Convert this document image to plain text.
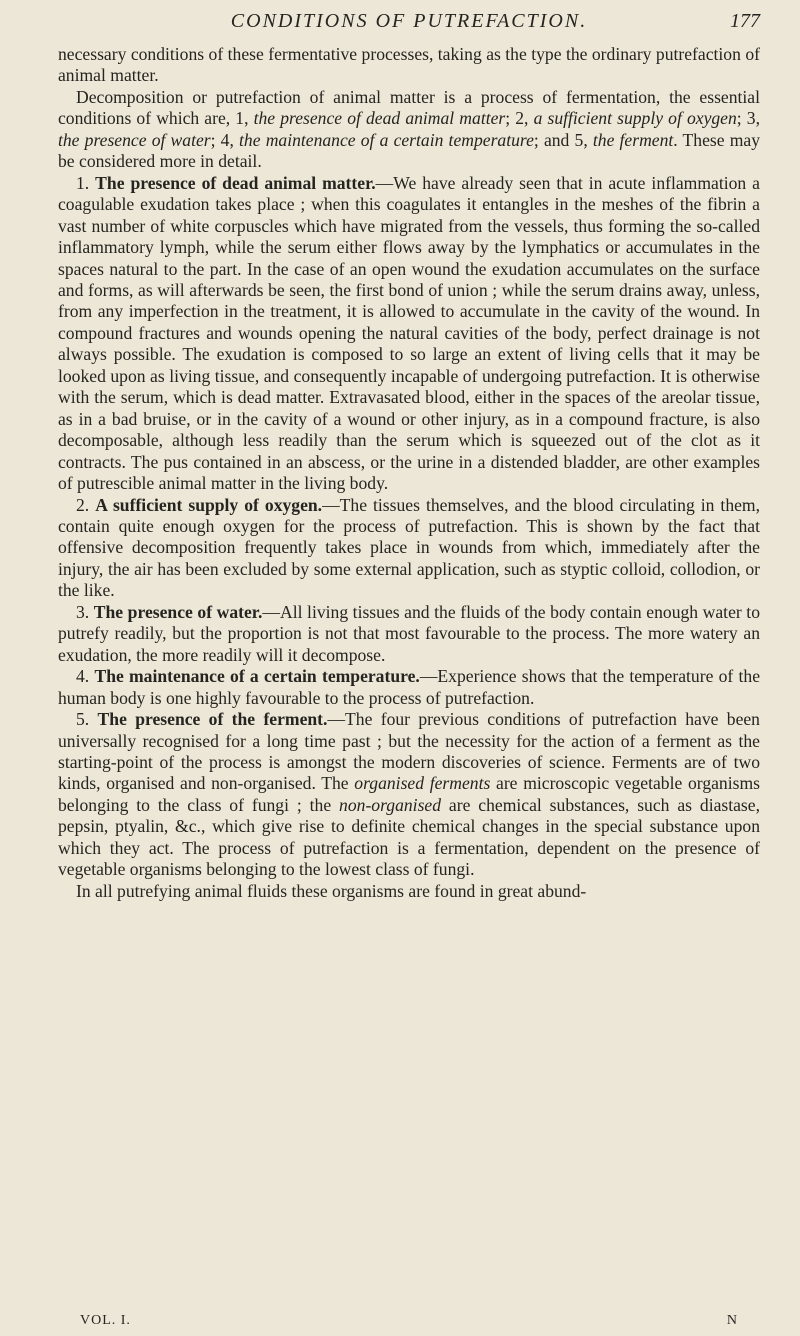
CONDITIONS OF PUTREFACTION.	177

necessary conditions of these fermentative processes, taking as the type the ordinary putrefaction of animal matter.

Decomposition or putrefaction of animal matter is a process of fermentation, the essential conditions of which are, 1, the presence of dead animal matter; 2, a sufficient supply of oxygen; 3, the presence of water; 4, the maintenance of a certain temperature; and 5, the ferment. These may be considered more in detail.

1. The presence of dead animal matter.—We have already seen that in acute inflammation a coagulable exudation takes place ; when this coagulates it entangles in the meshes of the fibrin a vast number of white corpuscles which have migrated from the vessels, thus forming the so-called inflammatory lymph, while the serum either flows away by the lymphatics or accumulates in the spaces natural to the part. In the case of an open wound the exudation accumulates on the surface and forms, as will afterwards be seen, the first bond of union ; while the serum drains away, unless, from any imperfection in the treatment, it is allowed to accumulate in the cavity of the wound. In compound fractures and wounds opening the natural cavities of the body, perfect drainage is not always possible. The exudation is composed to so large an extent of living cells that it may be looked upon as living tissue, and consequently incapable of undergoing putrefaction. It is otherwise with the serum, which is dead matter. Extravasated blood, either in the spaces of the areolar tissue, as in a bad bruise, or in the cavity of a wound or other injury, as in a compound fracture, is also decomposable, although less readily than the serum which is squeezed out of the clot as it contracts. The pus contained in an abscess, or the urine in a distended bladder, are other examples of putrescible animal matter in the living body.

2. A sufficient supply of oxygen.—The tissues themselves, and the blood circulating in them, contain quite enough oxygen for the process of putrefaction. This is shown by the fact that offensive decomposition frequently takes place in wounds from which, immediately after the injury, the air has been excluded by some external application, such as styptic colloid, collodion, or the like.

3. The presence of water.—All living tissues and the fluids of the body contain enough water to putrefy readily, but the proportion is not that most favourable to the process. The more watery an exudation, the more readily will it decompose.

4. The maintenance of a certain temperature.—Experience shows that the temperature of the human body is one highly favourable to the process of putrefaction.

5. The presence of the ferment.—The four previous conditions of putrefaction have been universally recognised for a long time past ; but the necessity for the action of a ferment as the starting-point of the process is amongst the modern discoveries of science. Ferments are of two kinds, organised and non-organised. The organised ferments are microscopic vegetable organisms belonging to the class of fungi ; the non-organised are chemical substances, such as diastase, pepsin, ptyalin, &c., which give rise to definite chemical changes in the special substance upon which they act. The process of putrefaction is a fermentation, dependent on the presence of vegetable organisms belonging to the lowest class of fungi.

In all putrefying animal fluids these organisms are found in great abund-

VOL. I.	N
